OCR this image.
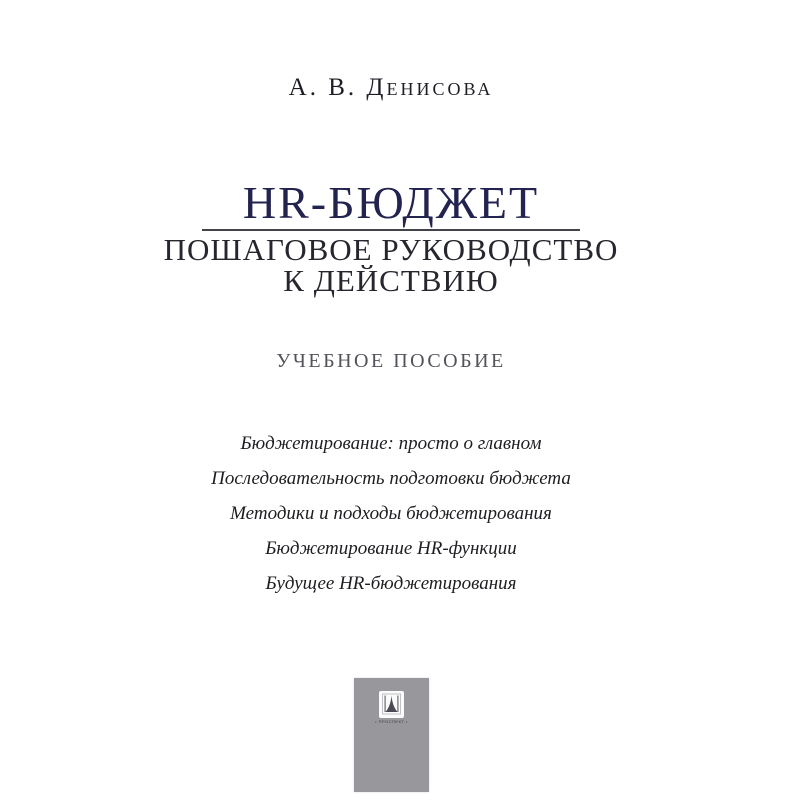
А. В. Денисова
HR-БЮДЖЕТ
ПОШАГОВОЕ РУКОВОДСТВО
К ДЕЙСТВИЮ
УЧЕБНОЕ ПОСОБИЕ
Бюджетирование: просто о главном
Последовательность подготовки бюджета
Методики и подходы бюджетирования
Бюджетирование HR-функции
Будущее HR-бюджетирования
• ПРОСПЕКТ •
